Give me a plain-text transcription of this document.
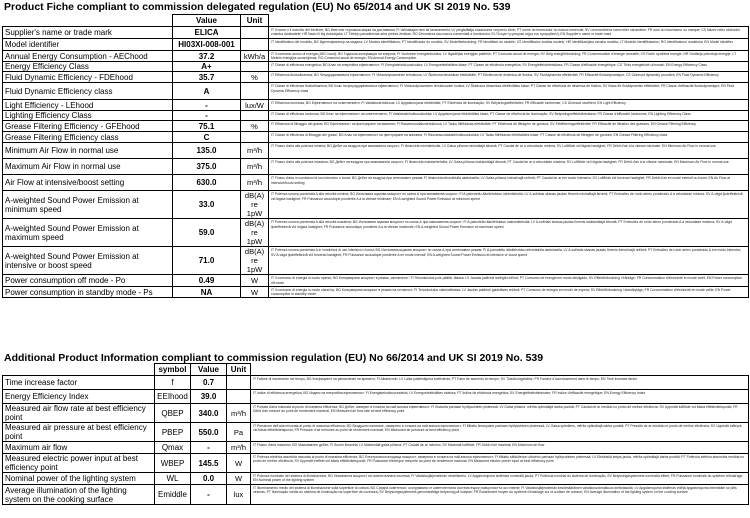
Product Fiche compliant to commission delegated regulation (EU) No 65/2014 and UK SI 2019 No. 539
	Value	Unit	
Supplier's name or trade mark	ELICA		IT Il nome o il marchio del fornitore; BG Име или търговска марка на доставчика; FI Valmistajan nimi tai tavaramerkki; LV piegādātāja nosaukums vai preču zīme; PT nome do fornecedor ou marca comercial; SV Leverantörens namn eller varumärke; FR nom du fournisseur ou marque; CS Název nebo obchodní známka dodavatele; HR Naziv ili žig dobavljača; LT Tiekėjo pavadinimas arba prekės ženklas; RO Denumirea sau marca comercială a furnizorului; EL Όνομα ή εμπορικό σήμα του προμηθευτή; EN Supplier's name or trade mark
Model identifier	HI03XI-008-001		IT Identificativo del modello; BG Идентификатор на модела; LV Modeļa identifikators; PT Identificador do modelo; SV Modellbeteckning; FR Identifiant du modèle; CS Identifikační značka modelu; HR Identifikacijska oznaka modela; LT Modelio identifikatorius; RO Identificatorul modelului; EN Model identifier
Annual Energy Consumption - AEChood	37.2	kWh/a	IT Il consumo annuo di energia (AEC hood); BG Годишна консумация на енергия; FI Vuotuinen energiankulutus; LV Ikgadējais enerģijas patēriņš; PT Consumo anual de energia; SV Årlig energiförbrukning; FR Consommation d'énergie annuelle; CS Roční spotřeba energie; HR Godišnja potrošnja energije; LT Metinis energijos suvartojimas; RO Consumul anual de energie; EN Annual Energy Consumption
Energy Efficiency Class	A+		IT Classe di efficienza energetica; BG Клас на енергийна ефективност; FI Energiatehokkuusluokka; LV Energoefektivitātes klase; PT Classe de eficiência energética; SV Energieffektivitetsklass; FR Classe d'efficacité énergétique; CS Třída energetické účinnosti; EN Energy Efficiency Class
Fluid Dynamic Efficiency - FDEhood	35.7	%	IT Efficienza fluidodinamica; BG Флуидодинамична ефективност; FI Virtausdynaaminen tehokkuus; LV Šķidruma dinamikas efektivitāte; PT Eficiência de dinâmica de fluidos; SV Fluiddynamisk effektivitet; FR Efficacité fluidodynamique; CS Účinnost dynamiky proudění; EN Fluid Dynamic Efficiency
Fluid Dynamic Efficiency class	A		IT Classe di efficienza fluidodinamica; BG Клас на флуидодинамична ефективност; FI Virtausdynaamisen tehokkuuden luokka; LV Šķidruma dinamikas efektivitātes klase; PT Classe de eficiência de dinâmica de fluidos; SV Klass för fluiddynamisk effektivitet; FR Classe d'efficacité fluidodynamique; EN Fluid Dynamic Efficiency class
Light Efficiency - LEhood	-	lux/W	IT Efficienza luminosa; BG Ефективност на осветлението; FI Valaistustehokkuus; LV Apgaismojuma efektivitāte; PT Eficiência de iluminação; SV Belysningseffektivitet; FR Efficacité lumineuse; CS Účinnost osvětlení; EN Light Efficiency
Lighting Efficiency Class	-		IT Classe di efficienza luminosa; BG Клас на ефективност на осветлението; FI Valaistustehokkuusluokka; LV Apgaismojuma efektivitātes klase; PT Classe de eficiência de iluminação; SV Belysningseffektivitetsklass; FR Classe d'efficacité lumineuse; EN Lighting Efficiency Class
Grease Filtering Efficiency - GFEhood	75.1	%	IT Efficienza di filtraggio dei grassi; BG Ефективност на филтриране на мазнини; FI Rasvansuodatustehokkuus; LV Tauku filtrēšanas efektivitāte; PT Eficiência de filtragem de gordura; SV Fettfiltreringseffektivitet; FR Efficacité de filtration des graisses; EN Grease Filtering Efficiency
Grease Filtering Efficiency class	C		IT Classe di efficienza di filtraggio dei grassi; BG Клас на ефективност на филтриране на мазнини; FI Rasvansuodatustehokkuusluokka; LV Tauku filtrēšanas efektivitātes klase; PT Classe de eficiência de filtragem de gordura; EN Grease Filtering Efficiency class
Minimum Air Flow in normal use	135.0	m³/h	IT Flusso d'aria alla potenza minima; BG Дебит на въздуха при минимална скорост; FI Ilmanvirta minimiteholla; LV Gaisa plūsma minimālajā ātrumā; PT Caudal de ar à velocidade mínima; SV Luftflöde vid lägsta hastighet; FR Débit d'air à la vitesse minimale; EN Minimum Air Flow in normal use
Maximum Air Flow in normal use	375.0	m³/h	IT Flusso d'aria alla potenza massima; BG Дебит на въздуха при максимална скорост; FI Ilmanvirta maksimiteholla; LV Gaisa plūsma maksimālajā ātrumā; PT Caudal de ar à velocidade máxima; SV Luftflöde vid högsta hastighet; FR Débit d'air à la vitesse maximale; EN Maximum Air Flow in normal use
Air Flow at intensive/boost setting	630.0	m³/h	IT Flusso d'aria in condizioni di uso intensivo o boost; BG Дебит на въздуха при интензивен режим; FI Ilmanvirta tehostetulla asetuksella; LV Gaisa plūsma intensīvajā režīmā; PT Caudal de ar em modo intensivo; SV Luftflöde vid forcerad hastighet; FR Débit d'air en mode intensif ou boost; EN Air Flow at intensive/boost setting
A-weighted Sound Power Emission at minimum speed	33.0	dB(A) re 1pW	IT Potenza sonora ponderata A alla velocità minima; BG Излъчвана шумова мощност по скала А при минимална скорост; FI A-painotettu äänitehotaso minimiteholla; LV A-svērtais skaņas jaudas līmenis minimālajā ātrumā; PT Emissões de ruído aéreo ponderado A à velocidade mínima; SV A-vägd ljudeffektnivå vid lägsta hastighet; FR Puissance acoustique pondérée A à la vitesse minimale; EN A-weighted Sound Power Emission at minimum speed
A-weighted Sound Power Emission at maximum speed	59.0	dB(A) re 1pW	IT Potenza sonora ponderata A alla velocità massima; BG Излъчвана шумова мощност по скала А при максимална скорост; FI A-painotettu äänitehotaso maksimiteholla; LV A-svērtais skaņas jaudas līmenis maksimālajā ātrumā; PT Emissões de ruído aéreo ponderado A à velocidade máxima; SV A-vägd ljudeffektnivå vid högsta hastighet; FR Puissance acoustique pondérée A à la vitesse maximale; EN A-weighted Sound Power Emission at maximum speed
A-weighted Sound Power Emission at intensive or boost speed	71.0	dB(A) re 1pW	IT Potenza sonora ponderata A in condizioni di uso intensivo o boost; BG Излъчвана шумова мощност по скала А при интензивен режим; FI A-painotettu äänitehotaso tehostetulla asetuksella; LV A-svērtais skaņas jaudas līmenis intensīvajā režīmā; PT Emissões de ruído aéreo ponderado A em modo intensivo; SV A-vägd ljudeffektnivå vid forcerad hastighet; FR Puissance acoustique pondérée A en mode intensif; EN A-weighted Sound Power Emission at intensive or boost speed
Power consumption off mode - Po	0.49	W	IT Il consumo di energia in modo spento; BG Консумирана мощност в режим „изключено“; FI Tehonkulutus pois päältä -tilassa; LV Jaudas patēriņš izslēgtā režīmā; PT Consumo de energia em modo desligado; SV Effektförbrukning i frånläge; FR Consommation d'électricité en mode arrêt; EN Power consumption off mode
Power consumption in standby mode - Ps	NA	W	IT Il consumo di energia in modo stand-by; BG Консумирана мощност в режим на готовност; FI Tehonkulutus valmiustilassa; LV Jaudas patēriņš gaidstāves režīmā; PT Consumo de energia em modo de espera; SV Effektförbrukning i standbyläge; FR Consommation d'électricité en mode veille; EN Power consumption in standby mode
Additional Product Information compliant to commission regulation (EU) No 66/2014 and UK SI 2019 No. 539
	symbol	Value	Unit	
Time increase factor	f	0.7		IT Fattore di incremento nel tempo; BG Коефициент на увеличение на времето; FI Aikakerroin; LV Laika palielinājuma koeficients; PT Fator de aumento do tempo; SV Tidsökningsfaktor; FR Facteur d'accroissement dans le temps; EN Time increase factor
Energy Efficiency Index	EEIhood	39.0		IT Indice di efficienza energetica; BG Индекс на енергийна ефективност; FI Energiatehokkuusindeksi; LV Energoefektivitātes indekss; PT Índice de eficiência energética; SV Energieffektivitetsindex; FR Indice d'efficacité énergétique; EN Energy Efficiency Index
Measured air flow rate at best efficiency point	QBEP	340.0	m³/h	IT Portata d'aria misurata al punto di massima efficienza; BG Дебит, измерен в точката на най-висока ефективност; FI Ilmavirta parhaan hyötysuhteen pisteessä; LV Gaisa plūsma, mērīta optimālajā darba punktā; PT Caudal de ar medido no ponto de melhor eficiência; SV Uppmätt luftflöde vid bästa effektivitetspunkt; FR Débit d'air mesuré au point de rendement maximal; EN Measured air flow rate at best efficiency point
Measured air pressure at best efficiency point	PBEP	550.0	Pa	IT Pressione dell'aria misurata al punto di massima efficienza; BG Въздушно налягане, измерено в точката на най-висока ефективност; FI Mitattu ilmanpaine parhaan hyötysuhteen pisteessä; LV Gaisa spiediens, mērīts optimālajā darba punktā; PT Pressão de ar medida no ponto de melhor eficiência; SV Uppmätt lufttryck vid bästa effektivitetspunkt; FR Pression d'air mesurée au point de rendement maximal; EN Measured air pressure at best efficiency point
Maximum air flow	Qmax	-	m³/h	IT Flusso d'aria massimo; BG Максимален дебит; FI Suurin ilmavirta; LV Maksimālā gaisa plūsma; PT Caudal de ar máximo; SV Maximalt luftflöde; FR Débit d'air maximal; EN Maximum air flow
Measured electric power input at best efficiency point	WBEP	145.5	W	IT Potenza elettrica assorbita misurata al punto di massima efficienza; BG Електрическа входяща мощност, измерена в точката на най-висока ефективност; FI Mitattu sähkötehon ottoteho parhaan hyötysuhteen pisteessä; LV Elektriskā ieejas jauda, mērīta optimālajā darba punktā; PT Potência elétrica absorvida medida no ponto de melhor eficiência; SV Uppmätt ineffekt vid bästa effektivitetspunkt; FR Puissance électrique mesurée au point de rendement maximal; EN Measured electric power input at best efficiency point
Nominal power of the lighting system	WL	0.0	W	IT Potenza nominale del sistema di illuminazione; BG Номинална мощност на осветителната система; FI Valaistusjärjestelmän nimellisteho; LV Apgaismojuma sistēmas nominālā jauda; PT Potência nominal do sistema de iluminação; SV Belysningssystemets nominella effekt; FR Puissance nominale du système d'éclairage; EN Nominal power of the lighting system
Average illumination of the lighting system on the cooking surface	Emiddle	-	lux	IT Illuminamento medio del sistema di illuminazione sulla superficie di cottura; BG Средна осветеност, осигурявана от осветителната система върху повърхността за готвене; FI Valaistusjärjestelmän keskimääräinen valaistusvoimakkuus keittotasolla; LV Apgaismojuma sistēmas vidējā apgaismojuma intensitāte uz plīts virsmas; PT Iluminação média do sistema de iluminação na superfície de cozedura; SV Belysningssystemets genomsnittliga belysning på kokytan; FR Éclairement moyen du système d'éclairage sur la surface de cuisson; EN Average illumination of the lighting system on the cooking surface
